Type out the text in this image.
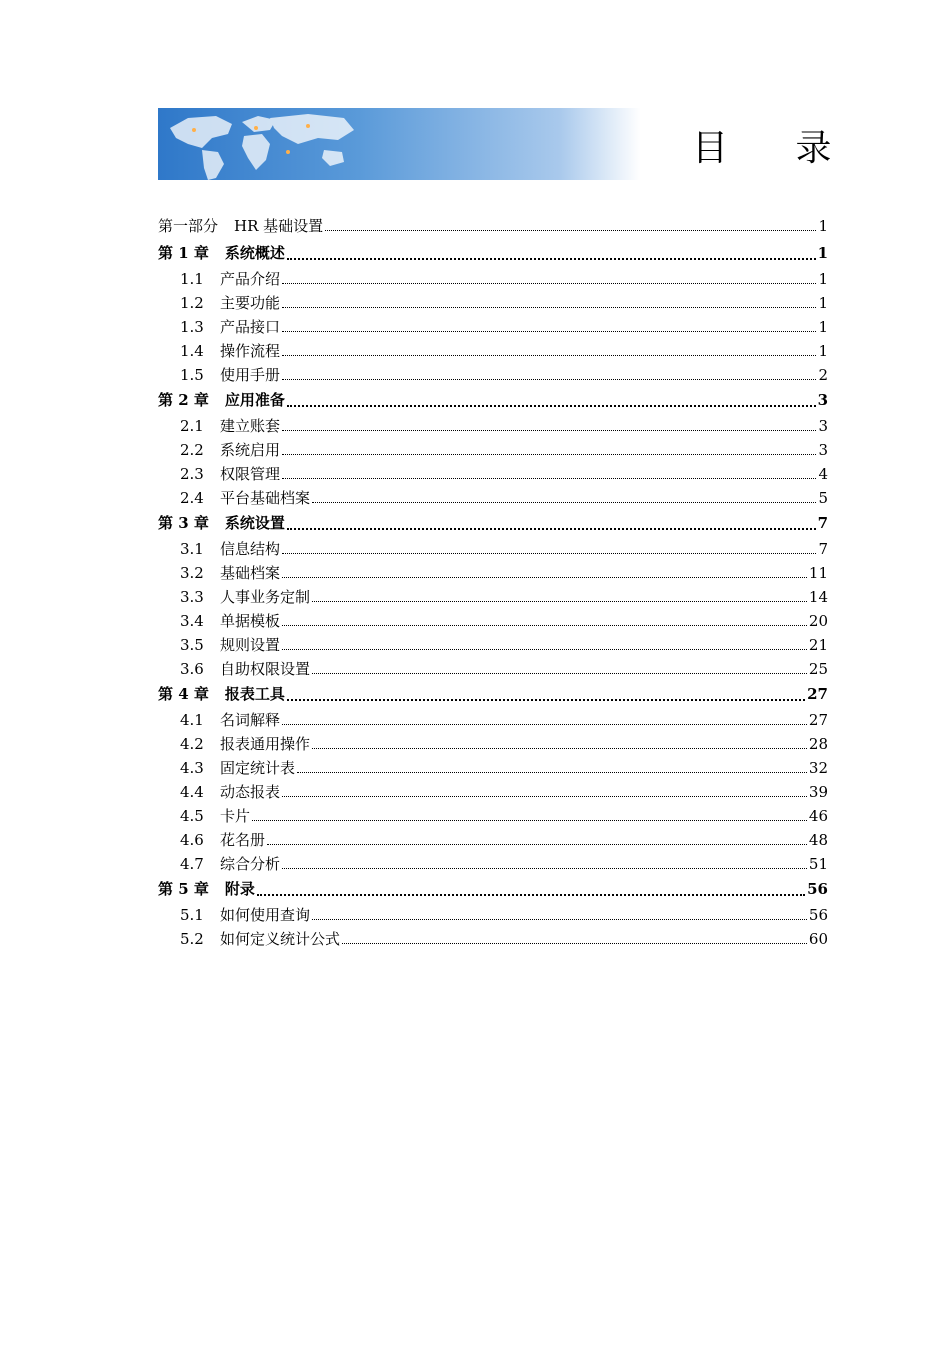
目 录
第一部分 HR 基础设置	1
第 1 章 系统概述	1
1.1	产品介绍	1
1.2	主要功能	1
1.3	产品接口	1
1.4	操作流程	1
1.5	使用手册	2
第 2 章 应用准备	3
2.1	建立账套	3
2.2	系统启用	3
2.3	权限管理	4
2.4	平台基础档案	5
第 3 章 系统设置	7
3.1	信息结构	7
3.2	基础档案	11
3.3	人事业务定制	14
3.4	单据模板	20
3.5	规则设置	21
3.6	自助权限设置	25
第 4 章 报表工具	27
4.1	名词解释	27
4.2	报表通用操作	28
4.3	固定统计表	32
4.4	动态报表	39
4.5	卡片	46
4.6	花名册	48
4.7	综合分析	51
第 5 章 附录	56
5.1	如何使用查询	56
5.2	如何定义统计公式	60
